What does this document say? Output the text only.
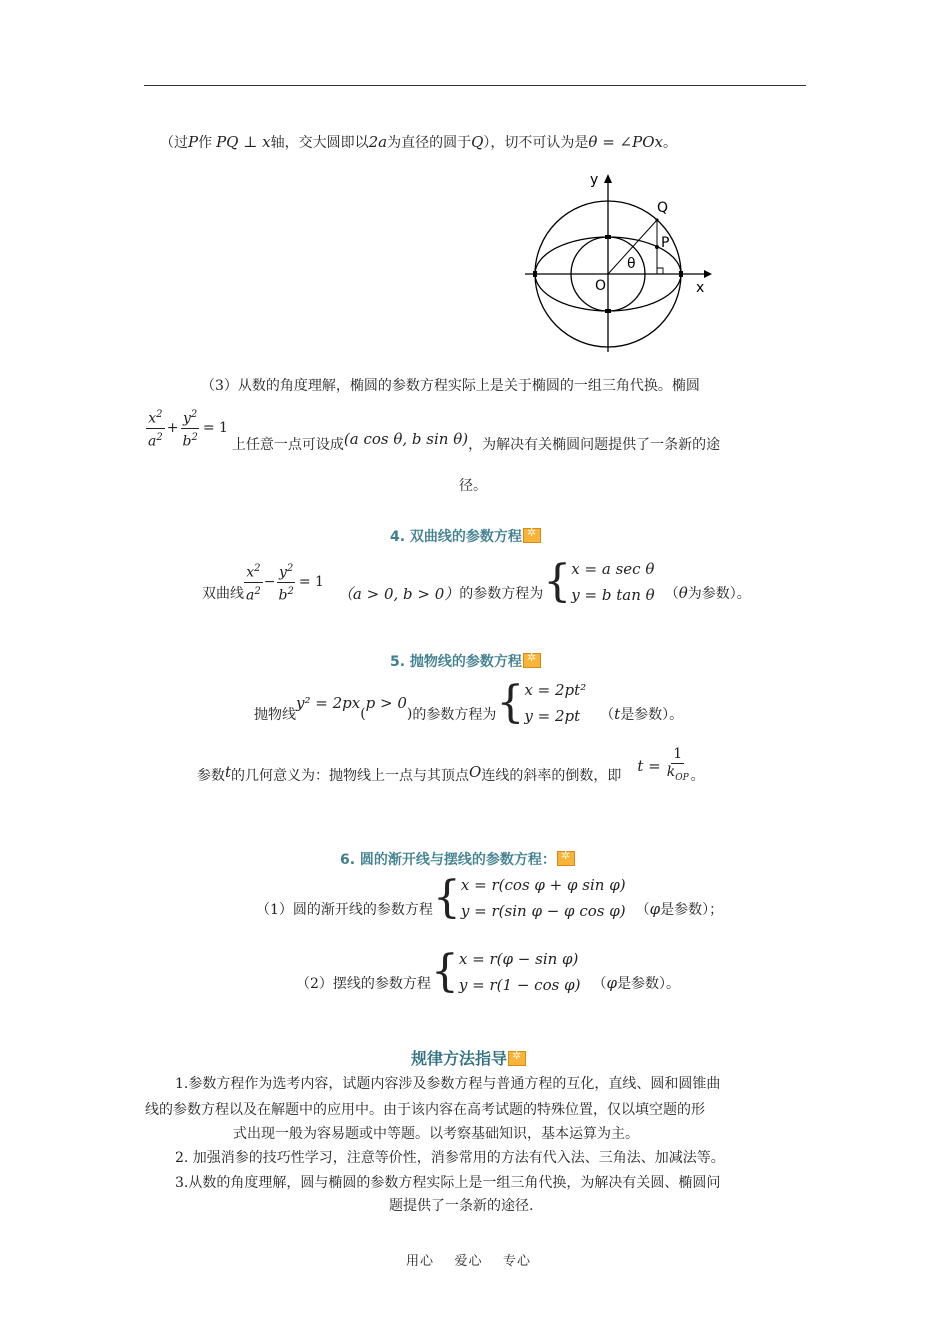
（过P作 PQ ⊥ x轴，交大圆即以2a为直径的圆于Q），切不可认为是θ = ∠POx。
y
x
O
Q
P
θ
（3）从数的角度理解，椭圆的参数方程实际上是关于椭圆的一组三角代换。椭圆
$\frac{x^2}{a^2} + \frac{y^2}{b^2} = 1$
上任意一点可设成 (a cos θ, b sin θ) ，为解决有关椭圆问题提供了一条新的途
径。
4. 双曲线的参数方程✲
双曲线 $\frac{x^2}{a^2} - \frac{y^2}{b^2} = 1$
（a > 0, b > 0） 的参数方程为 { x = a sec θ
y = b tan θ （ θ 为参数）。
5. 抛物线的参数方程✲
抛物线
y² = 2px
(
p > 0
) 的参数方程为 { x = 2pt²
y = 2pt	（ t 是参数）。
参数 t 的几何意义为：抛物线上一点与其顶点 O 连线的斜率的倒数，即
$t = \frac{1}{k_{OP}}$ 。
6. 圆的渐开线与摆线的参数方程：✲
（1）圆的渐开线的参数方程 { x = r(cos φ + φ sin φ)
y = r(sin φ − φ cos φ) （ φ 是参数）；
（2）摆线的参数方程 { x = r(φ − sin φ)
y = r(1 − cos φ) （ φ 是参数）。
规律方法指导✲
1.参数方程作为选考内容，试题内容涉及参数方程与普通方程的互化，直线、圆和圆锥曲
线的参数方程以及在解题中的应用中。由于该内容在高考试题的特殊位置，仅以填空题的形
式出现一般为容易题或中等题。以考察基础知识，基本运算为主。
2. 加强消参的技巧性学习，注意等价性，消参常用的方法有代入法、三角法、加减法等。
3.从数的角度理解，圆与椭圆的参数方程实际上是一组三角代换，为解决有关圆、椭圆问
题提供了一条新的途径.
用心    爱心    专心
